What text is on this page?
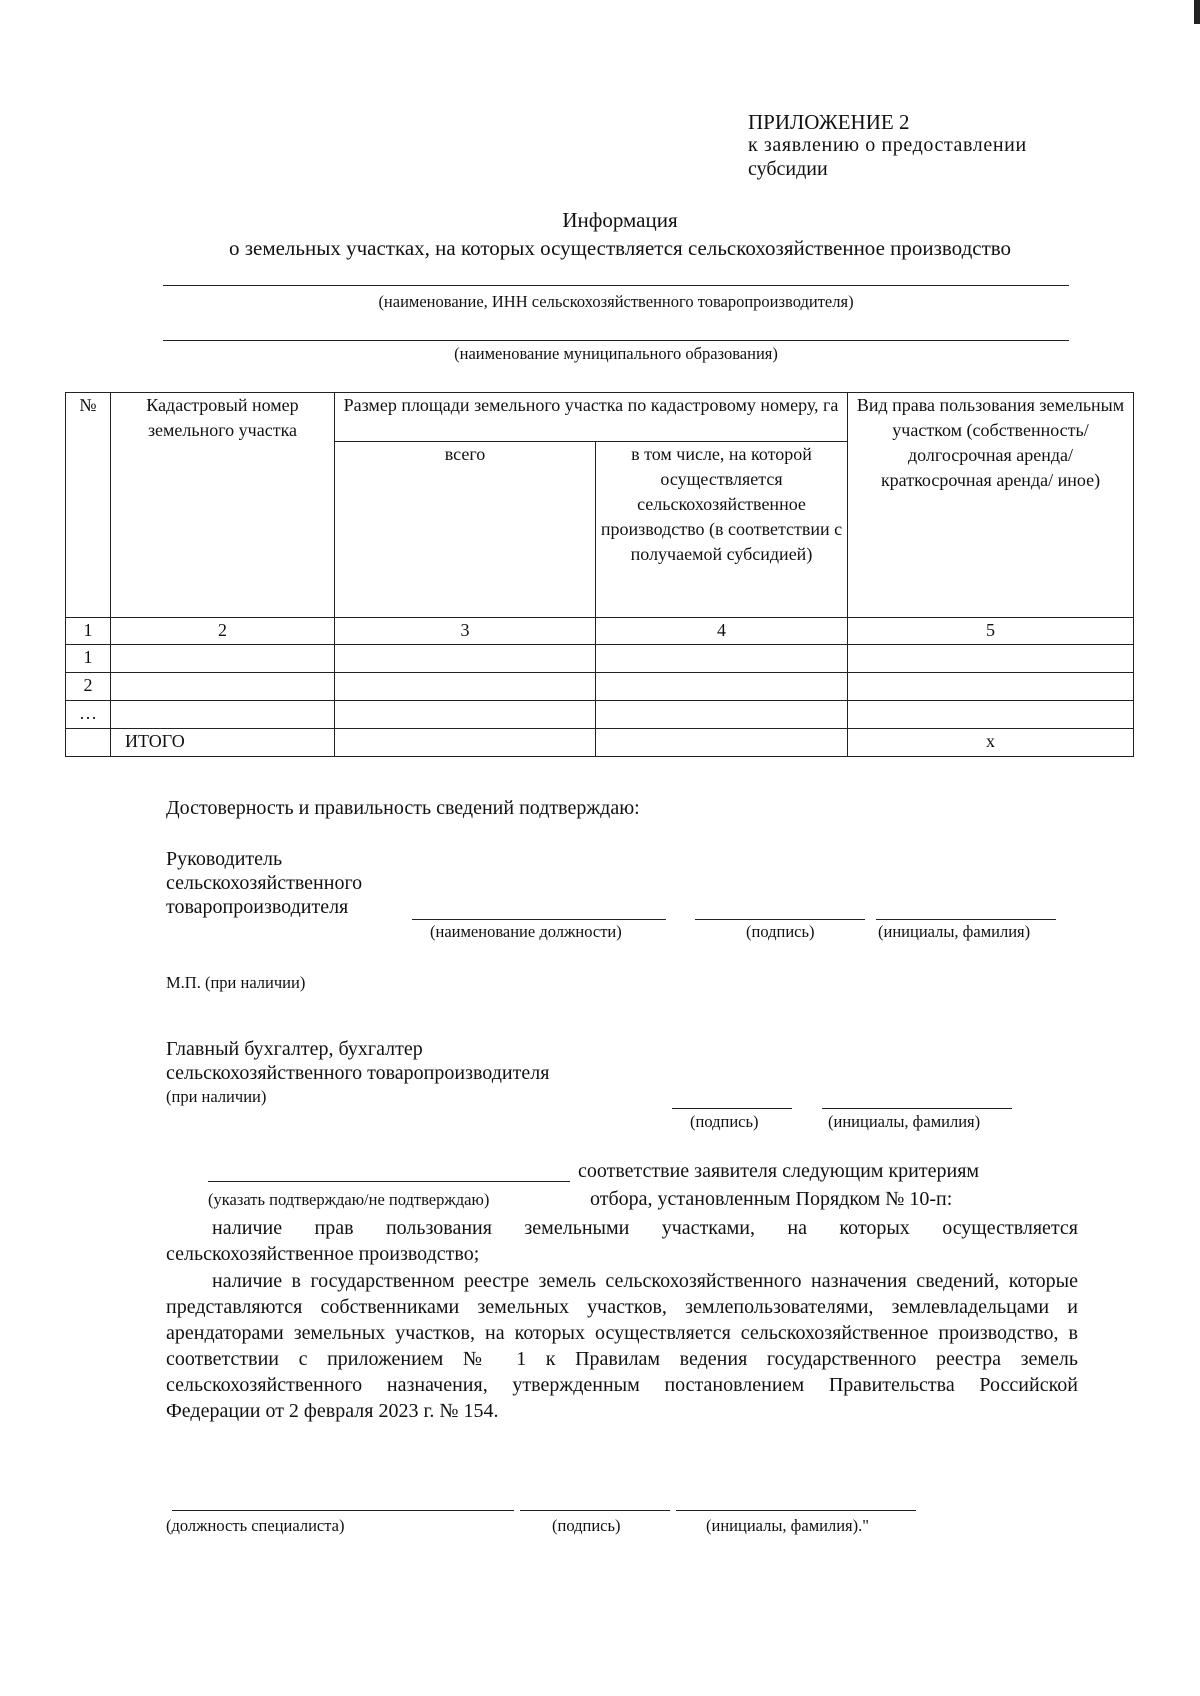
ПРИЛОЖЕНИЕ 2
к заявлению о предоставлении
субсидии
Информация
о земельных участках, на которых осуществляется сельскохозяйственное производство
(наименование, ИНН сельскохозяйственного товаропроизводителя)
(наименование муниципального образования)
№	Кадастровый номер земельного участка	Размер площади земельного участка по кадастровому номеру, га		Вид права пользования земельным участком (собственность/ долгосрочная аренда/ краткосрочная аренда/ иное)
		всего	в том числе, на которой осуществляется сельскохозяйственное производство (в соответствии с получаемой субсидией)	
1	2	3	4	5
1				
2				
…				
	ИТОГО			х
Достоверность и правильность сведений подтверждаю:
Руководитель
сельскохозяйственного
товаропроизводителя
(наименование должности)	(подпись)	(инициалы, фамилия)
М.П. (при наличии)
Главный бухгалтер, бухгалтер
сельскохозяйственного товаропроизводителя
(при наличии)
(подпись)	(инициалы, фамилия)
соответствие заявителя следующим критериям
(указать подтверждаю/не подтверждаю)	отбора, установленным Порядком № 10-п:
наличие прав пользования земельными участками, на которых осуществляется сельскохозяйственное производство;
наличие в государственном реестре земель сельскохозяйственного назначения сведений, которые представляются собственниками земельных участков, землепользователями, землевладельцами и арендаторами земельных участков, на которых осуществляется сельскохозяйственное производство, в соответствии с приложением № 1 к Правилам ведения государственного реестра земель сельскохозяйственного назначения, утвержденным постановлением Правительства Российской Федерации от 2 февраля 2023 г. № 154.
(должность специалиста)	(подпись)	(инициалы, фамилия)."
